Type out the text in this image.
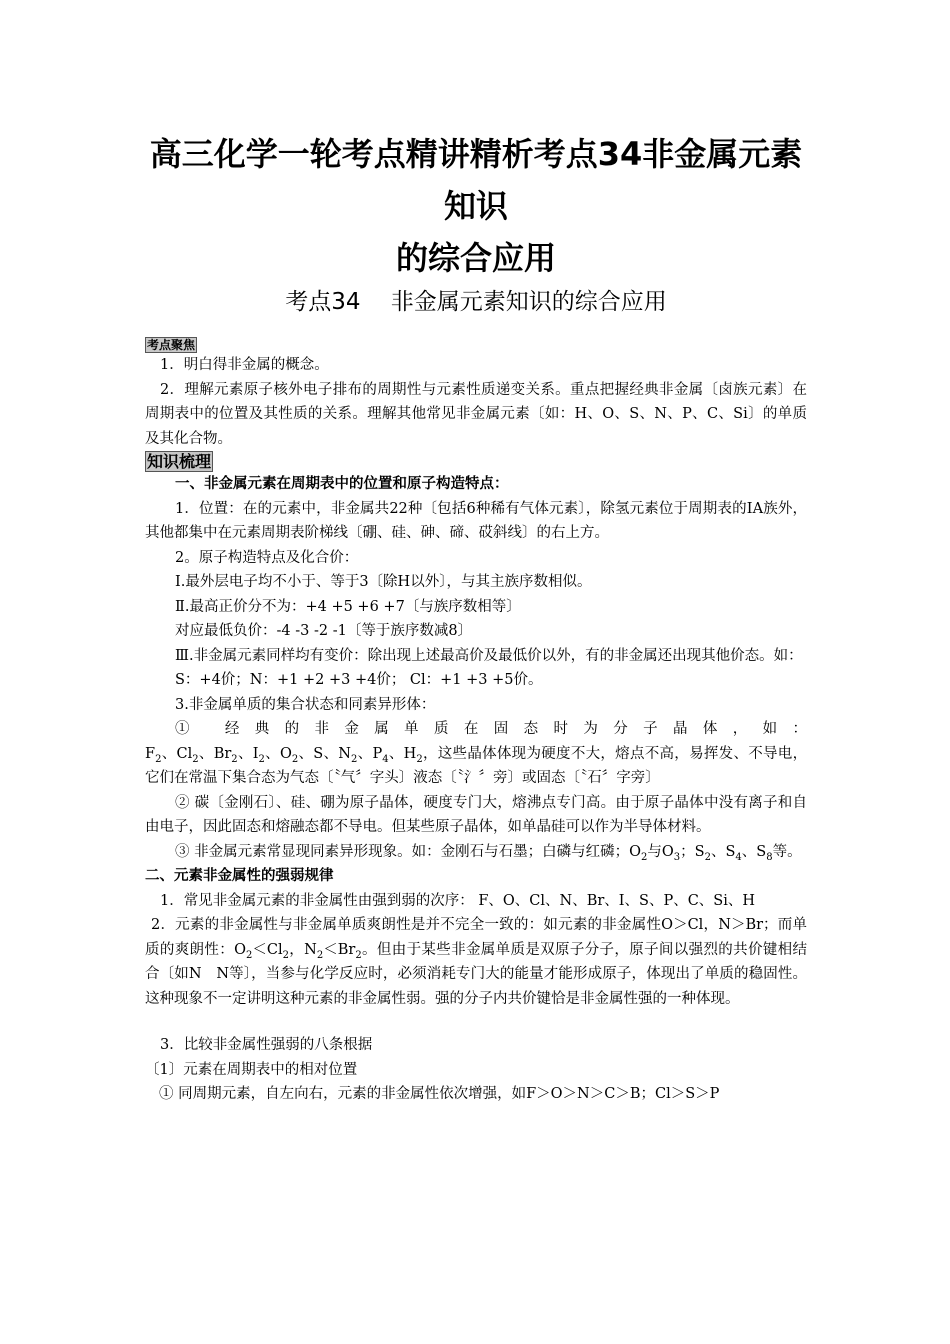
高三化学一轮考点精讲精析考点34非金属元素知识
的综合应用
考点34　 非金属元素知识的综合应用
考点聚焦

1．明白得非金属的概念。

2．理解元素原子核外电子排布的周期性与元素性质递变关系。重点把握经典非金属〔卤族元素〕在周期表中的位置及其性质的关系。理解其他常见非金属元素〔如：H、O、S、N、P、C、Si〕的单质及其化合物。

知识梳理

一、非金属元素在周期表中的位置和原子构造特点：

1．位置：在的元素中，非金属共22种〔包括6种稀有气体元素〕，除氢元素位于周期表的ⅠA族外，其他都集中在元素周期表阶梯线〔硼、硅、砷、碲、砹斜线〕的右上方。

2。原子构造特点及化合价：

Ⅰ.最外层电子均不小于、等于3〔除H以外〕，与其主族序数相似。

Ⅱ.最高正价分不为：+4 +5 +6 +7〔与族序数相等〕

对应最低负价：-4 -3 -2 -1〔等于族序数减8〕

Ⅲ.非金属元素同样均有变价：除出现上述最高价及最低价以外，有的非金属还出现其他价态。如：

S：+4价；N：+1 +2 +3 +4价； Cl：+1 +3 +5价。

3.非金属单质的集合状态和同素异形体：

① 经典的非金属单质在固态时为分子晶体，如：

$F_2$、$Cl_2$、$Br_2$、$I_2$、$O_2$、S、$N_2$、$P_4$、$H_2$，这些晶体体现为硬度不大，熔点不高，易挥发、不导电，它们在常温下集合态为气态〔〝气〞字头〕液态〔〝氵〞旁〕或固态〔〝石〞字旁〕

② 碳〔金刚石〕、硅、硼为原子晶体，硬度专门大，熔沸点专门高。由于原子晶体中没有离子和自由电子，因此固态和熔融态都不导电。但某些原子晶体，如单晶硅可以作为半导体材料。

③ 非金属元素常显现同素异形现象。如：金刚石与石墨；白磷与红磷；$O_2$与$O_3$；$S_2$、$S_4$、$S_8$等。

二、元素非金属性的强弱规律

1．常见非金属元素的非金属性由强到弱的次序： F、O、Cl、N、Br、I、S、P、C、Si、H

2．元素的非金属性与非金属单质爽朗性是并不完全一致的：如元素的非金属性O＞Cl，N＞Br；而单质的爽朗性：$O_2<Cl_2$，$N_2<Br_2$。但由于某些非金属单质是双原子分子，原子间以强烈的共价键相结合〔如N　N等〕，当参与化学反应时，必须消耗专门大的能量才能形成原子，体现出了单质的稳固性。这种现象不一定讲明这种元素的非金属性弱。强的分子内共价键恰是非金属性强的一种体现。

3．比较非金属性强弱的八条根据

〔1〕元素在周期表中的相对位置

① 同周期元素，自左向右，元素的非金属性依次增强，如F＞O＞N＞C＞B；Cl＞S＞P
